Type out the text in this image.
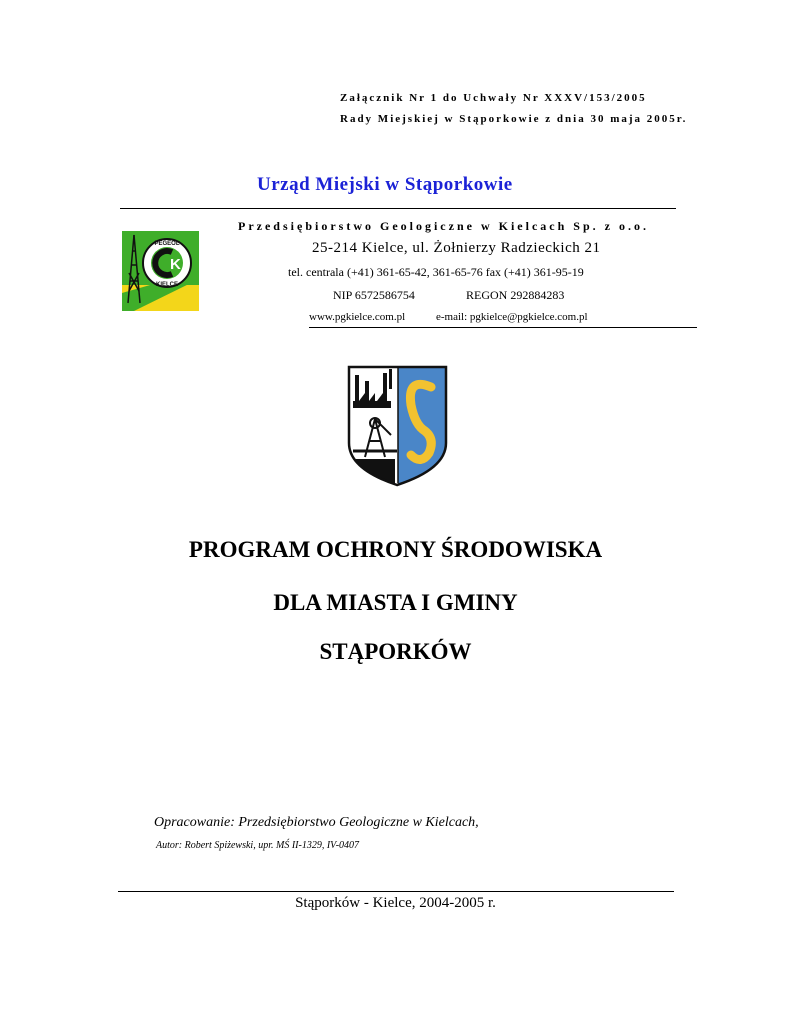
Załącznik Nr 1 do Uchwały Nr XXXV/153/2005
Rady Miejskiej w Stąporkowie z dnia 30 maja 2005r.
Urząd Miejski w Stąporkowie
K
PEGEOL
KIELCE
Przedsiębiorstwo Geologiczne w Kielcach Sp. z o.o.
25-214 Kielce, ul. Żołnierzy Radzieckich 21
tel. centrala (+41) 361-65-42, 361-65-76 fax (+41) 361-95-19
NIP 6572586754	REGON 292884283
www.pgkielce.com.pl	e-mail: pgkielce@pgkielce.com.pl
PROGRAM OCHRONY ŚRODOWISKA
DLA MIASTA I GMINY
STĄPORKÓW
Opracowanie: Przedsiębiorstwo Geologiczne w Kielcach,
Autor: Robert Spiżewski, upr. MŚ II-1329, IV-0407
Stąporków - Kielce, 2004-2005 r.
